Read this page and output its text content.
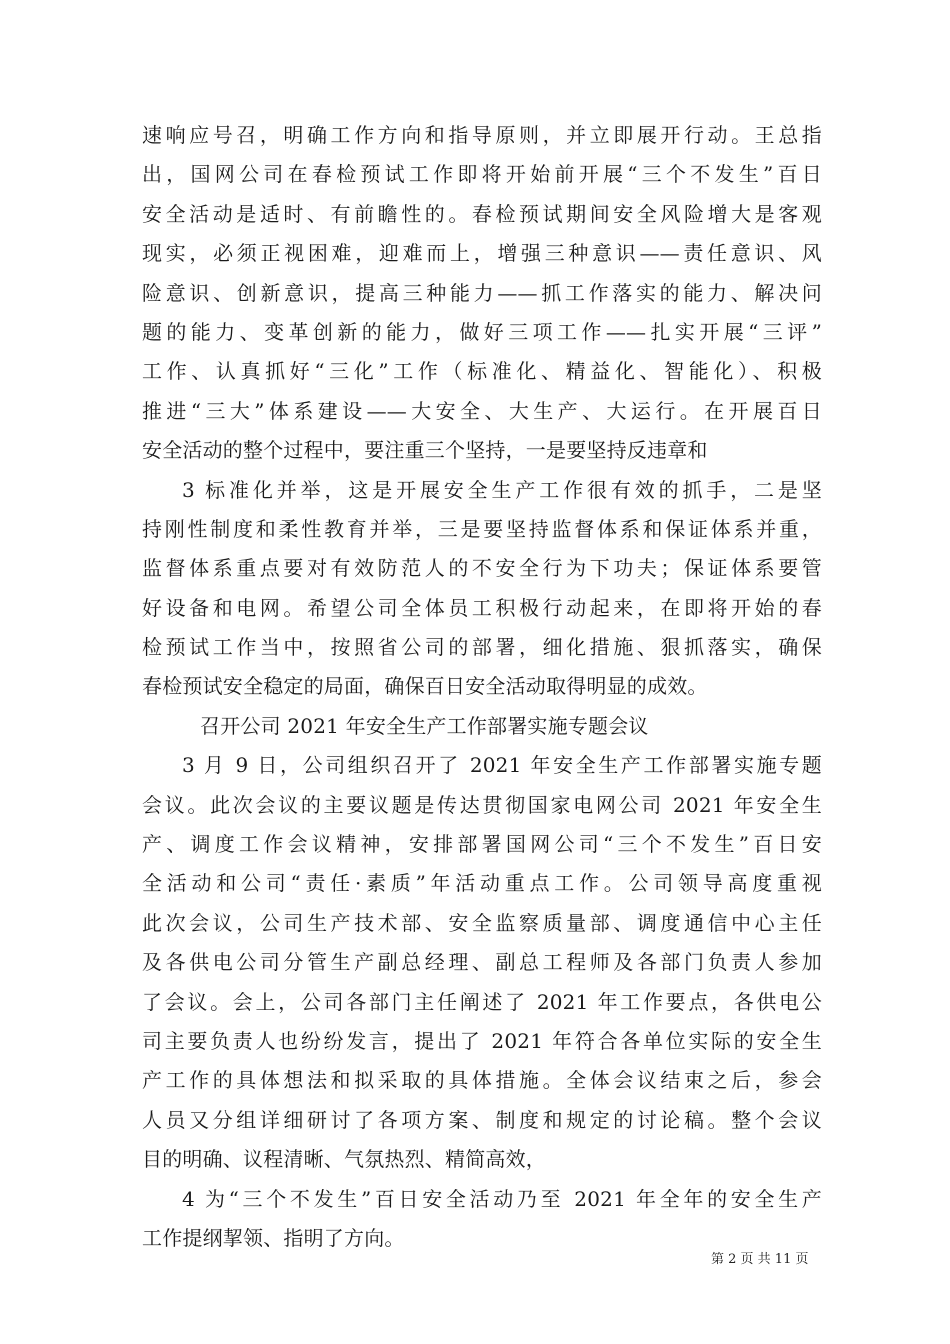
速响应号召，明确工作方向和指导原则，并立即展开行动。王总指
出，国网公司在春检预试工作即将开始前开展“三个不发生”百日
安全活动是适时、有前瞻性的。春检预试期间安全风险增大是客观
现实，必须正视困难，迎难而上，增强三种意识——责任意识、风
险意识、创新意识，提高三种能力——抓工作落实的能力、解决问
题的能力、变革创新的能力，做好三项工作——扎实开展“三评”
工作、认真抓好“三化”工作（标准化、精益化、智能化）、积极
推进“三大”体系建设——大安全、大生产、大运行。在开展百日
安全活动的整个过程中，要注重三个坚持，一是要坚持反违章和
3 标准化并举，这是开展安全生产工作很有效的抓手，二是坚
持刚性制度和柔性教育并举，三是要坚持监督体系和保证体系并重，
监督体系重点要对有效防范人的不安全行为下功夫；保证体系要管
好设备和电网。希望公司全体员工积极行动起来，在即将开始的春
检预试工作当中，按照省公司的部署，细化措施、狠抓落实，确保
春检预试安全稳定的局面，确保百日安全活动取得明显的成效。
召开公司 2021 年安全生产工作部署实施专题会议
3 月 9 日，公司组织召开了 2021 年安全生产工作部署实施专题
会议。此次会议的主要议题是传达贯彻国家电网公司 2021 年安全生
产、调度工作会议精神，安排部署国网公司“三个不发生”百日安
全活动和公司“责任·素质”年活动重点工作。公司领导高度重视
此次会议，公司生产技术部、安全监察质量部、调度通信中心主任
及各供电公司分管生产副总经理、副总工程师及各部门负责人参加
了会议。会上，公司各部门主任阐述了 2021 年工作要点，各供电公
司主要负责人也纷纷发言，提出了 2021 年符合各单位实际的安全生
产工作的具体想法和拟采取的具体措施。全体会议结束之后，参会
人员又分组详细研讨了各项方案、制度和规定的讨论稿。整个会议
目的明确、议程清晰、气氛热烈、精简高效，
4 为“三个不发生”百日安全活动乃至 2021 年全年的安全生产
工作提纲挈领、指明了方向。
第 2 页 共 11 页
